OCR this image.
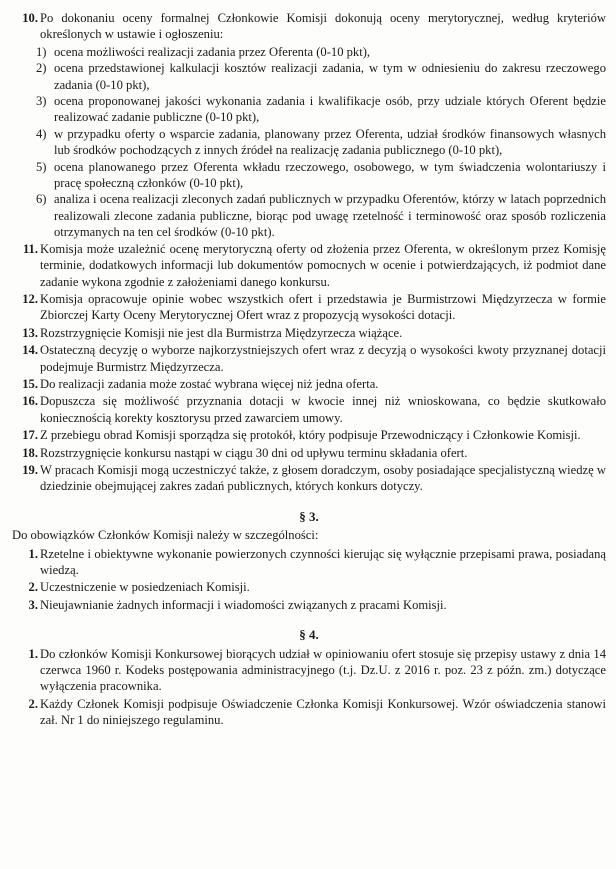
10 . Po dokonaniu oceny formalnej Członkowie Komisji dokonują oceny merytorycznej, według kryteriów określonych w ustawie i ogłoszeniu:

1 ) ocena możliwości realizacji zadania przez Oferenta (0-10 pkt),

2 ) ocena przedstawionej kalkulacji kosztów realizacji zadania, w tym w odniesieniu do zakresu rzeczowego zadania (0-10 pkt),

3 ) ocena proponowanej jakości wykonania zadania i kwalifikacje osób, przy udziale których Oferent będzie realizować zadanie publiczne (0-10 pkt),

4 ) w przypadku oferty o wsparcie zadania, planowany przez Oferenta, udział środków finansowych własnych lub środków pochodzących z innych źródeł na realizację zadania publicznego (0-10 pkt),

5 ) ocena planowanego przez Oferenta wkładu rzeczowego, osobowego, w tym świadczenia wolontariuszy i pracę społeczną członków (0-10 pkt),

6 ) analiza i ocena realizacji zleconych zadań publicznych w przypadku Oferentów, którzy w latach poprzednich realizowali zlecone zadania publiczne, biorąc pod uwagę rzetelność i terminowość oraz sposób rozliczenia otrzymanych na ten cel środków (0-10 pkt).

11 . Komisja może uzależnić ocenę merytoryczną oferty od złożenia przez Oferenta, w określonym przez Komisję terminie, dodatkowych informacji lub dokumentów pomocnych w ocenie i potwierdzających, iż podmiot dane zadanie wykona zgodnie z założeniami danego konkursu.

12 . Komisja opracowuje opinie wobec wszystkich ofert i przedstawia je Burmistrzowi Międzyrzecza w formie Zbiorczej Karty Oceny Merytorycznej Ofert wraz z propozycją wysokości dotacji.

13 . Rozstrzygnięcie Komisji nie jest dla Burmistrza Międzyrzecza wiążące.

14 . Ostateczną decyzję o wyborze najkorzystniejszych ofert wraz z decyzją o wysokości kwoty przyznanej dotacji podejmuje Burmistrz Międzyrzecza.

15 . Do realizacji zadania może zostać wybrana więcej niż jedna oferta.

16 . Dopuszcza się możliwość przyznania dotacji w kwocie innej niż wnioskowana, co będzie skutkowało koniecznością korekty kosztorysu przed zawarciem umowy.

17 . Z przebiegu obrad Komisji sporządza się protokół, który podpisuje Przewodniczący i Członkowie Komisji.

18 . Rozstrzygnięcie konkursu nastąpi w ciągu 30 dni od upływu terminu składania ofert.

19 . W pracach Komisji mogą uczestniczyć także, z głosem doradczym, osoby posiadające specjalistyczną wiedzę w dziedzinie obejmującej zakres zadań publicznych, których konkurs dotyczy.

§ 3.

Do obowiązków Członków Komisji należy w szczególności:

1 . Rzetelne i obiektywne wykonanie powierzonych czynności kierując się wyłącznie przepisami prawa, posiadaną wiedzą.

2 . Uczestniczenie w posiedzeniach Komisji.

3 . Nieujawnianie żadnych informacji i wiadomości związanych z pracami Komisji.

§ 4.
1 . Do członków Komisji Konkursowej biorących udział w opiniowaniu ofert stosuje się przepisy ustawy z dnia 14 czerwca 1960 r. Kodeks postępowania administracyjnego (t.j. Dz.U. z 2016 r. poz. 23 z późn. zm.) dotyczące wyłączenia pracownika.

2 . Każdy Członek Komisji podpisuje Oświadczenie Członka Komisji Konkursowej. Wzór oświadczenia stanowi zał. Nr 1 do niniejszego regulaminu.
